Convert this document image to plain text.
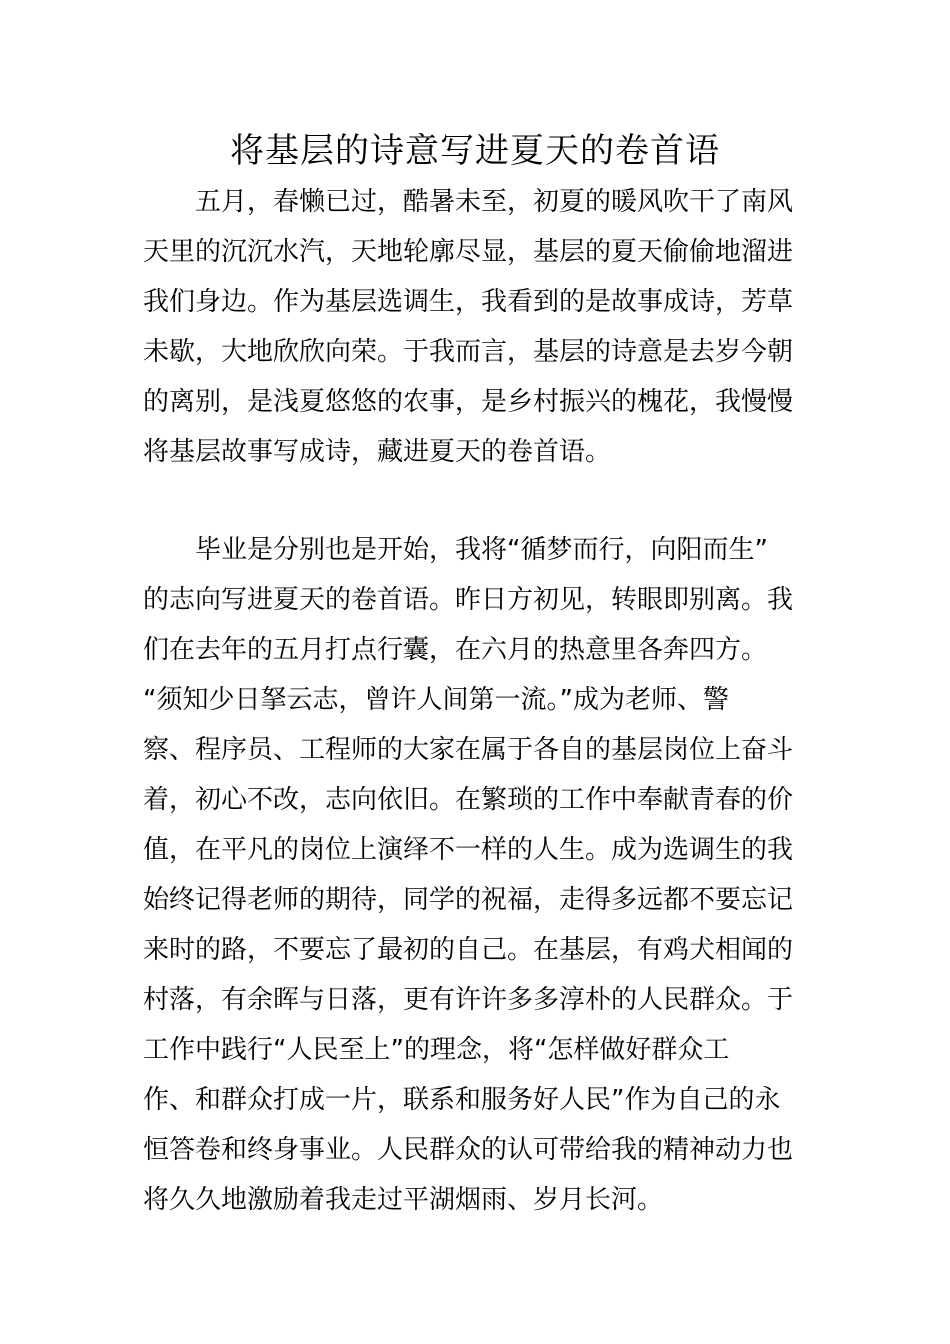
将基层的诗意写进夏天的卷首语
五月，春懒已过，酷暑未至，初夏的暖风吹干了南风
天里的沉沉水汽，天地轮廓尽显，基层的夏天偷偷地溜进
我们身边。作为基层选调生，我看到的是故事成诗，芳草
未歇，大地欣欣向荣。于我而言，基层的诗意是去岁今朝
的离别，是浅夏悠悠的农事，是乡村振兴的槐花，我慢慢
将基层故事写成诗，藏进夏天的卷首语。
毕业是分别也是开始，我将“循梦而行，向阳而生”
的志向写进夏天的卷首语。昨日方初见，转眼即别离。我
们在去年的五月打点行囊，在六月的热意里各奔四方。
“须知少日拏云志，曾许人间第一流。”成为老师、警
察、程序员、工程师的大家在属于各自的基层岗位上奋斗
着，初心不改，志向依旧。在繁琐的工作中奉献青春的价
值，在平凡的岗位上演绎不一样的人生。成为选调生的我
始终记得老师的期待，同学的祝福，走得多远都不要忘记
来时的路，不要忘了最初的自己。在基层，有鸡犬相闻的
村落，有余晖与日落，更有许许多多淳朴的人民群众。于
工作中践行“人民至上”的理念，将“怎样做好群众工
作、和群众打成一片，联系和服务好人民”作为自己的永
恒答卷和终身事业。人民群众的认可带给我的精神动力也
将久久地激励着我走过平湖烟雨、岁月长河。
